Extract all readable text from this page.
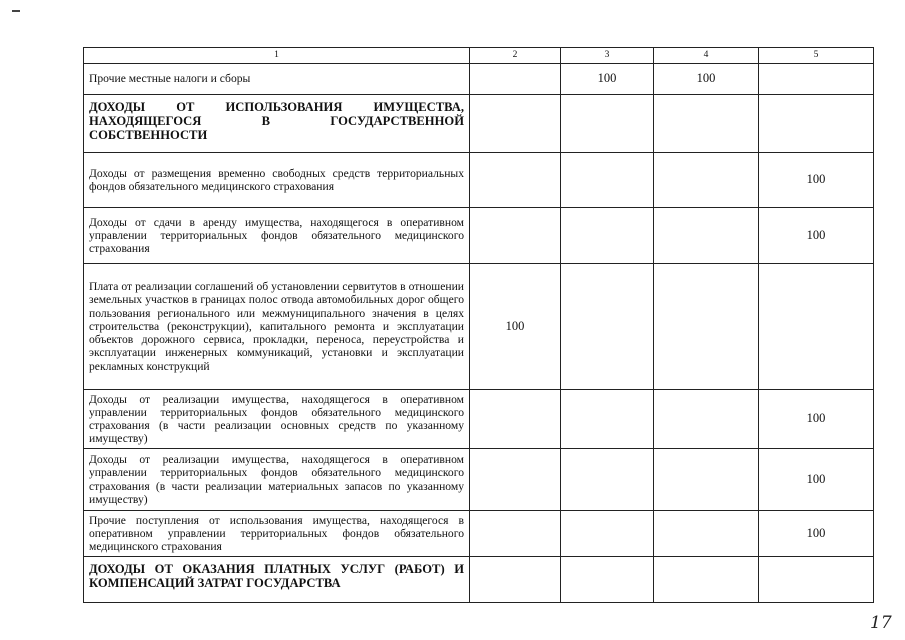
1	2	3	4	5
Прочие местные налоги и сборы		100	100	
ДОХОДЫ ОТ ИСПОЛЬЗОВАНИЯ ИМУЩЕСТВА, НАХОДЯЩЕГОСЯ В ГОСУДАРСТВЕННОЙ СОБСТВЕННОСТИ				
Доходы от размещения временно свободных средств территориальных фондов обязательного медицинского страхования				100
Доходы от сдачи в аренду имущества, находящегося в оперативном управлении территориальных фондов обязательного медицинского страхования				100
Плата от реализации соглашений об установлении сервитутов в отношении земельных участков в границах полос отвода автомобильных дорог общего пользования регионального или межмуниципального значения в целях строительства (реконструкции), капитального ремонта и эксплуатации объектов дорожного сервиса, прокладки, переноса, переустройства и эксплуатации инженерных коммуникаций, установки и эксплуатации рекламных конструкций	100			
Доходы от реализации имущества, находящегося в оперативном управлении территориальных фондов обязательного медицинского страхования (в части реализации основных средств по указанному имуществу)				100
Доходы от реализации имущества, находящегося в оперативном управлении территориальных фондов обязательного медицинского страхования (в части реализации материальных запасов по указанному имуществу)				100
Прочие поступления от использования имущества, находящегося в оперативном управлении территориальных фондов обязательного медицинского страхования				100
ДОХОДЫ ОТ ОКАЗАНИЯ ПЛАТНЫХ УСЛУГ (РАБОТ) И КОМПЕНСАЦИЙ ЗАТРАТ ГОСУДАРСТВА				
17
